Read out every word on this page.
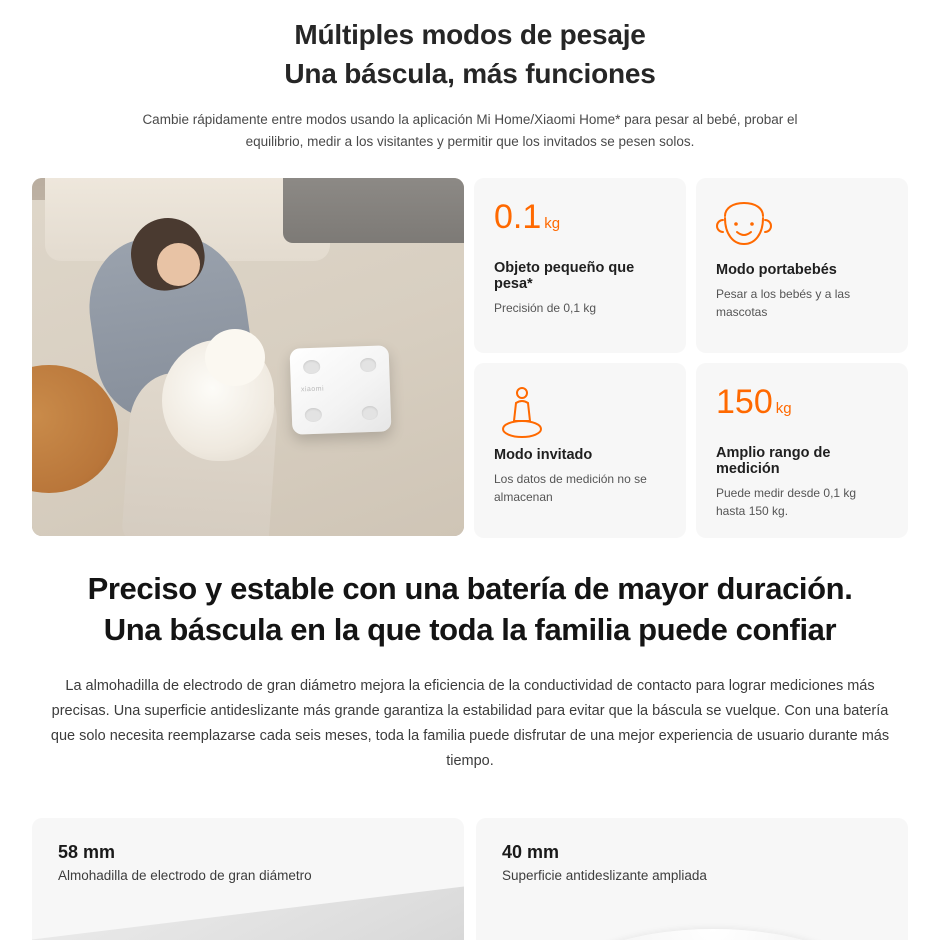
Múltiples modos de pesaje
Una báscula, más funciones

Cambie rápidamente entre modos usando la aplicación Mi Home/Xiaomi Home* para pesar al bebé, probar el equilibrio, medir a los visitantes y permitir que los invitados se pesen solos.

xiaomi
0.1 kg
Objeto pequeño que pesa*
Precisión de 0,1 kg
Modo portabebés
Pesar a los bebés y a las mascotas
Modo invitado
Los datos de medición no se almacenan
150 kg
Amplio rango de medición
Puede medir desde 0,1 kg hasta 150 kg.
Preciso y estable con una batería de mayor duración.
Una báscula en la que toda la familia puede confiar

La almohadilla de electrodo de gran diámetro mejora la eficiencia de la conductividad de contacto para lograr mediciones más precisas. Una superficie antideslizante más grande garantiza la estabilidad para evitar que la báscula se vuelque. Con una batería que solo necesita reemplazarse cada seis meses, toda la familia puede disfrutar de una mejor experiencia de usuario durante más tiempo.

58 mm
Almohadilla de electrodo de gran diámetro
40 mm
Superficie antideslizante ampliada
